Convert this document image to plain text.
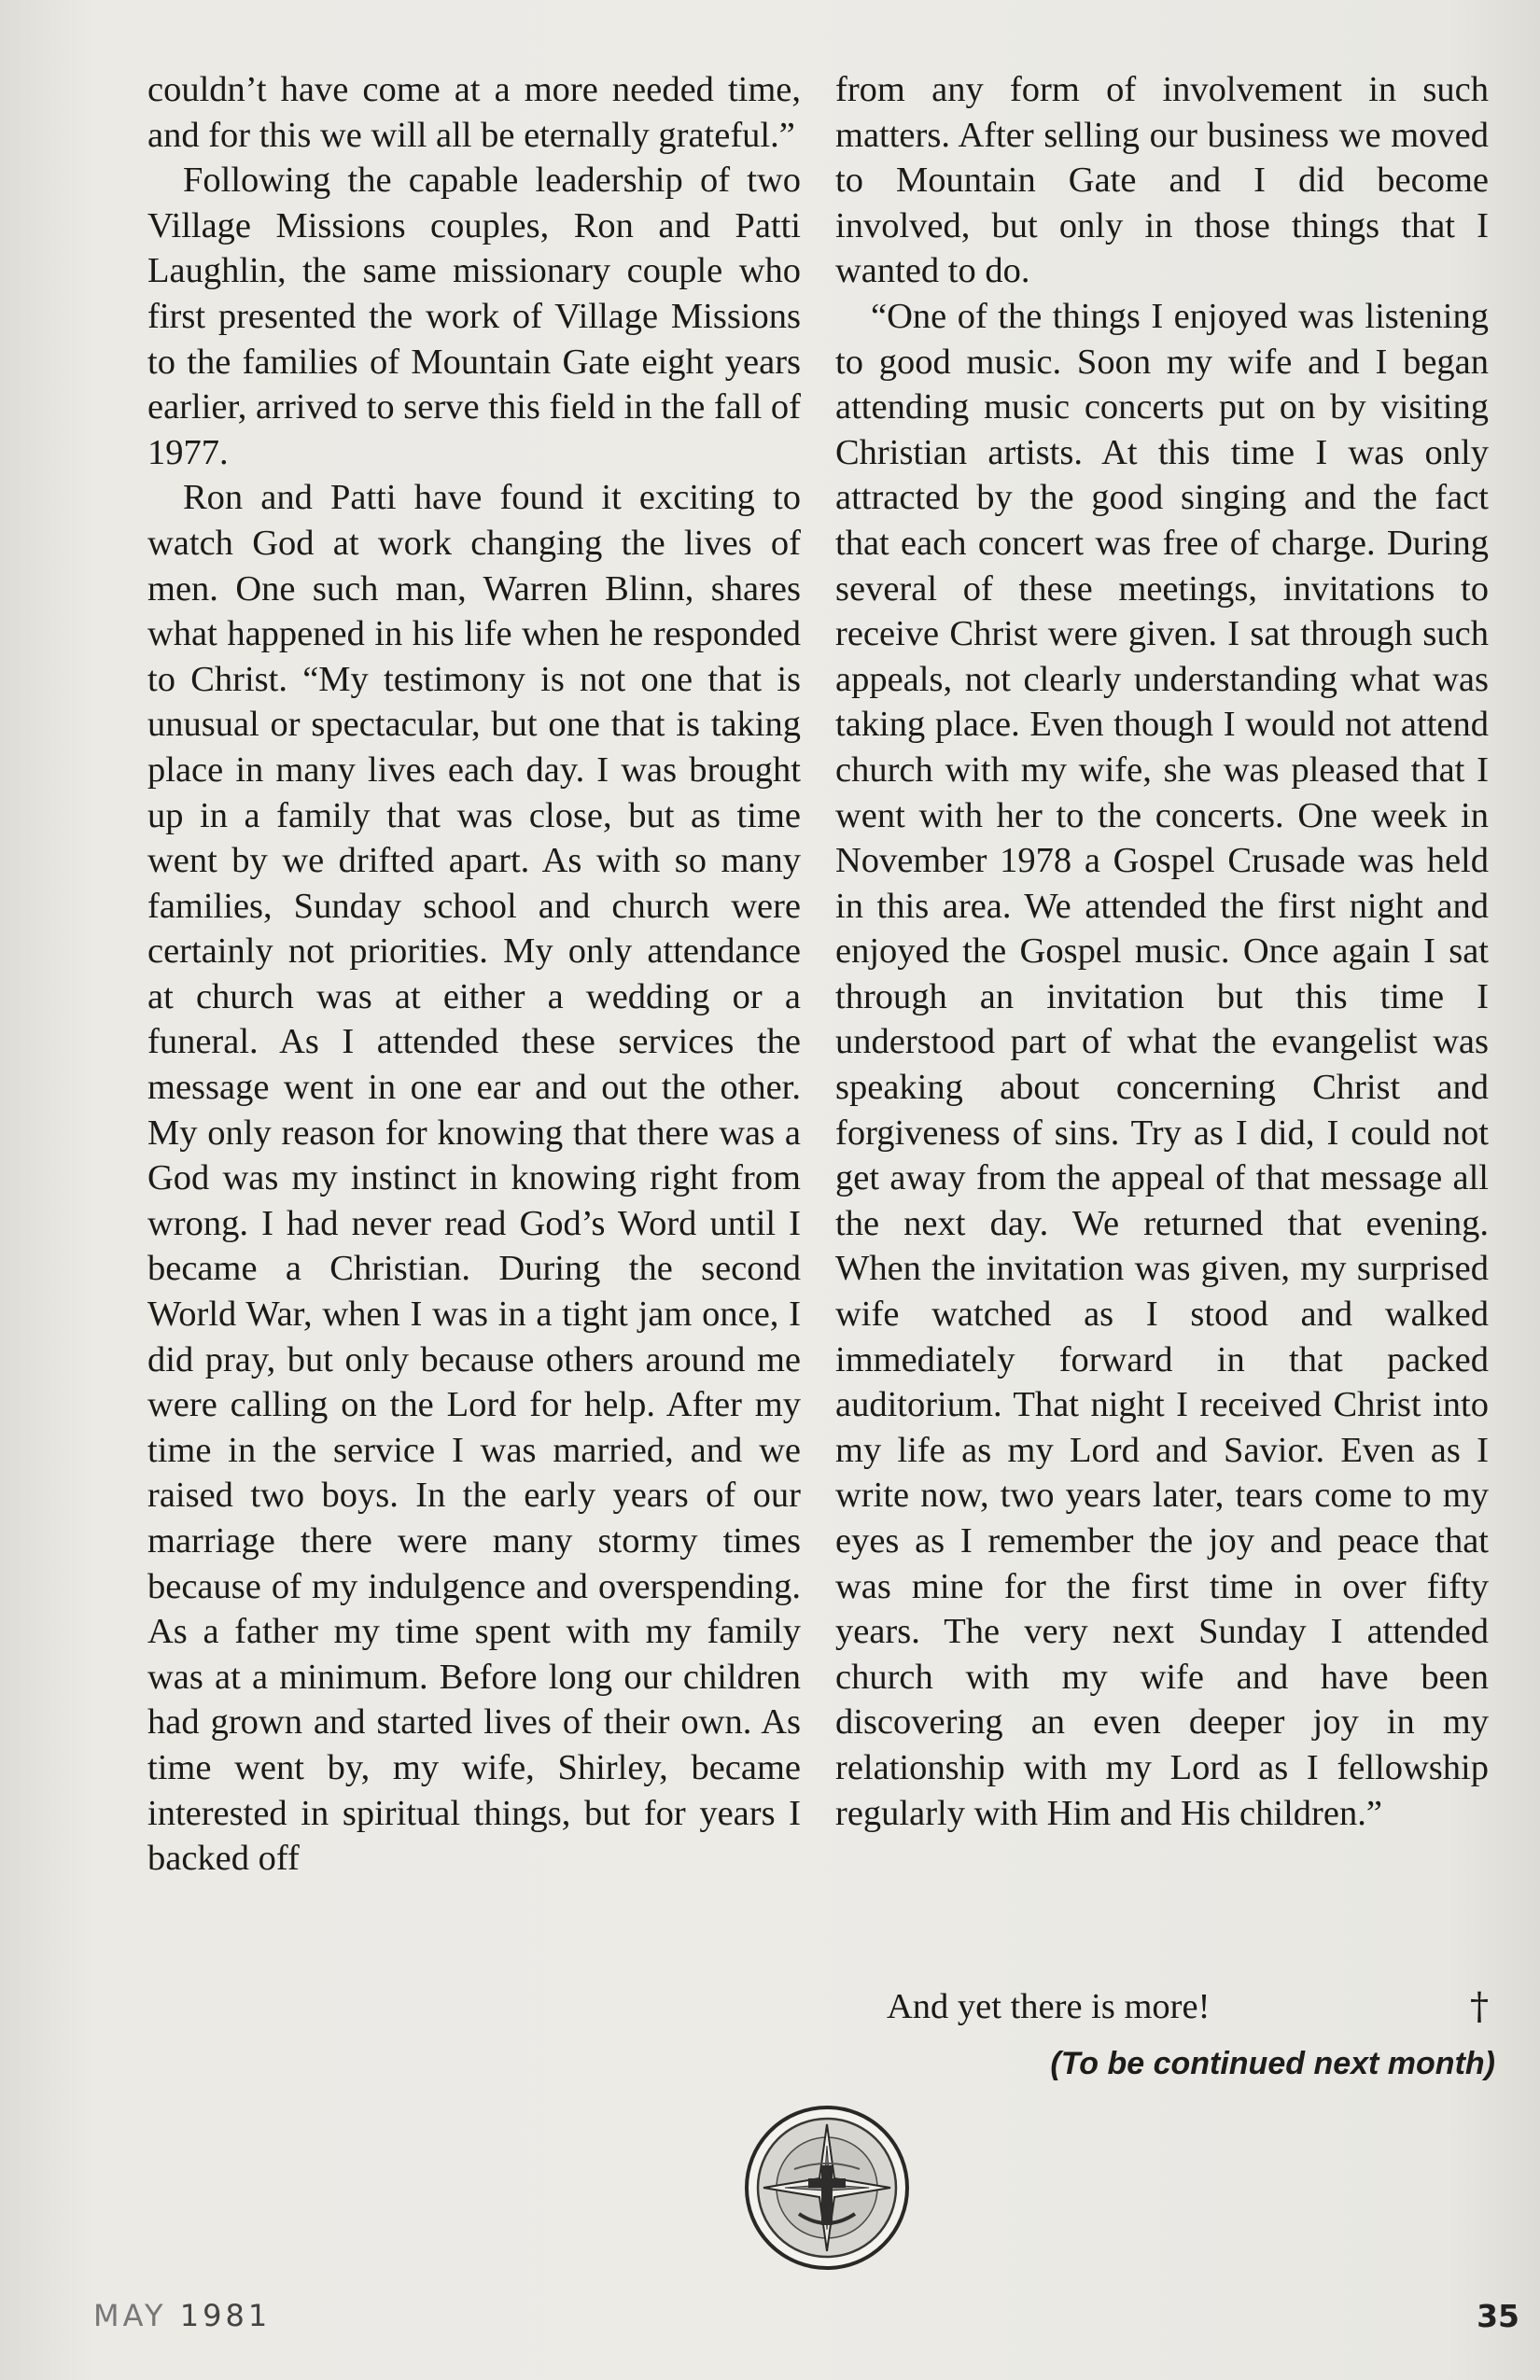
couldn’t have come at a more needed time, and for this we will all be eternally grateful.”

Following the capable leadership of two Village Missions couples, Ron and Patti Laughlin, the same missionary couple who first presented the work of Village Missions to the families of Mountain Gate eight years earlier, arrived to serve this field in the fall of 1977.

Ron and Patti have found it exciting to watch God at work changing the lives of men. One such man, Warren Blinn, shares what happened in his life when he responded to Christ. “My testimony is not one that is unusual or spectacular, but one that is taking place in many lives each day. I was brought up in a family that was close, but as time went by we drifted apart. As with so many families, Sunday school and church were certainly not priorities. My only attendance at church was at either a wedding or a funeral. As I attended these services the message went in one ear and out the other. My only reason for knowing that there was a God was my instinct in knowing right from wrong. I had never read God’s Word until I became a Christian. During the second World War, when I was in a tight jam once, I did pray, but only because others around me were calling on the Lord for help. After my time in the service I was married, and we raised two boys. In the early years of our marriage there were many stormy times because of my indulgence and overspending. As a father my time spent with my family was at a minimum. Before long our children had grown and started lives of their own. As time went by, my wife, Shirley, became interested in spiritual things, but for years I backed off

from any form of involvement in such matters. After selling our business we moved to Mountain Gate and I did become involved, but only in those things that I wanted to do.

“One of the things I enjoyed was listening to good music. Soon my wife and I began attending music concerts put on by visiting Christian artists. At this time I was only attracted by the good singing and the fact that each concert was free of charge. During several of these meetings, invitations to receive Christ were given. I sat through such appeals, not clearly understanding what was taking place. Even though I would not attend church with my wife, she was pleased that I went with her to the concerts. One week in November 1978 a Gospel Crusade was held in this area. We attended the first night and enjoyed the Gospel music. Once again I sat through an invitation but this time I understood part of what the evangelist was speaking about concerning Christ and forgiveness of sins. Try as I did, I could not get away from the appeal of that message all the next day. We returned that evening. When the invitation was given, my surprised wife watched as I stood and walked immediately forward in that packed auditorium. That night I received Christ into my life as my Lord and Savior. Even as I write now, two years later, tears come to my eyes as I remember the joy and peace that was mine for the first time in over fifty years. The very next Sunday I attended church with my wife and have been discovering an even deeper joy in my relationship with my Lord as I fellowship regularly with Him and His children.”

And yet there is more!	†
(To be continued next month)
MAY 1981	35
